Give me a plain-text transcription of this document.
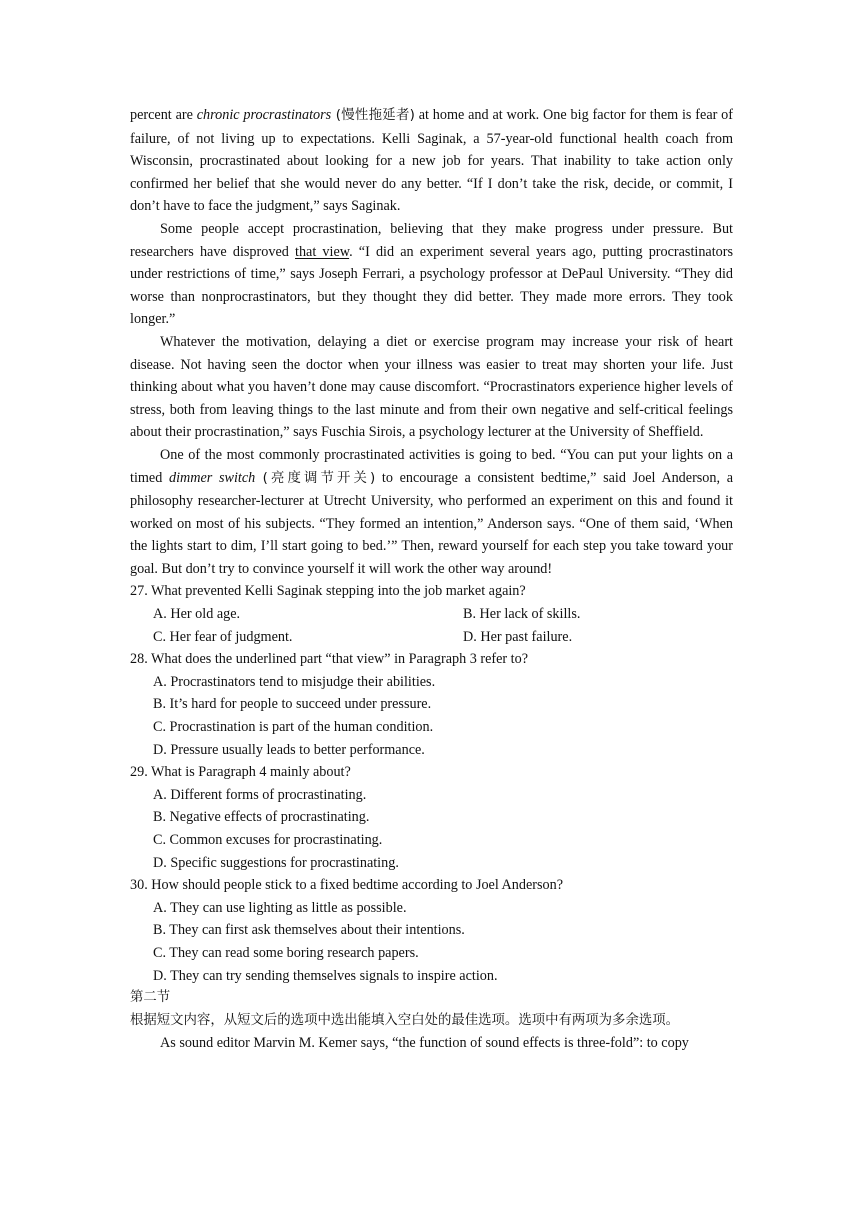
percent are chronic procrastinators (慢性拖延者) at home and at work. One big factor for them is fear of failure, of not living up to expectations. Kelli Saginak, a 57-year-old functional health coach from Wisconsin, procrastinated about looking for a new job for years. That inability to take action only confirmed her belief that she would never do any better. “If I don’t take the risk, decide, or commit, I don’t have to face the judgment,” says Saginak.

Some people accept procrastination, believing that they make progress under pressure. But researchers have disproved that view. “I did an experiment several years ago, putting procrastinators under restrictions of time,” says Joseph Ferrari, a psychology professor at DePaul University. “They did worse than nonprocrastinators, but they thought they did better. They made more errors. They took longer.”

Whatever the motivation, delaying a diet or exercise program may increase your risk of heart disease. Not having seen the doctor when your illness was easier to treat may shorten your life. Just thinking about what you haven’t done may cause discomfort. “Procrastinators experience higher levels of stress, both from leaving things to the last minute and from their own negative and self-critical feelings about their procrastination,” says Fuschia Sirois, a psychology lecturer at the University of Sheffield.

One of the most commonly procrastinated activities is going to bed. “You can put your lights on a timed dimmer switch (亮度调节开关) to encourage a consistent bedtime,” said Joel Anderson, a philosophy researcher-lecturer at Utrecht University, who performed an experiment on this and found it worked on most of his subjects. “They formed an intention,” Anderson says. “One of them said, ‘When the lights start to dim, I’ll start going to bed.’” Then, reward yourself for each step you take toward your goal. But don’t try to convince yourself it will work the other way around!

27. What prevented Kelli Saginak stepping into the job market again?

A. Her old age.	B. Her lack of skills.
C. Her fear of judgment.	D. Her past failure.

28. What does the underlined part “that view” in Paragraph 3 refer to?

A. Procrastinators tend to misjudge their abilities.

B. It’s hard for people to succeed under pressure.

C. Procrastination is part of the human condition.

D. Pressure usually leads to better performance.

29. What is Paragraph 4 mainly about?

A. Different forms of procrastinating.

B. Negative effects of procrastinating.

C. Common excuses for procrastinating.

D. Specific suggestions for procrastinating.

30. How should people stick to a fixed bedtime according to Joel Anderson?

A. They can use lighting as little as possible.

B. They can first ask themselves about their intentions.

C. They can read some boring research papers.

D. They can try sending themselves signals to inspire action.

第二节

根据短文内容，从短文后的选项中选出能填入空白处的最佳选项。选项中有两项为多余选项。

As sound editor Marvin M. Kemer says, “the function of sound effects is three-fold”: to copy
